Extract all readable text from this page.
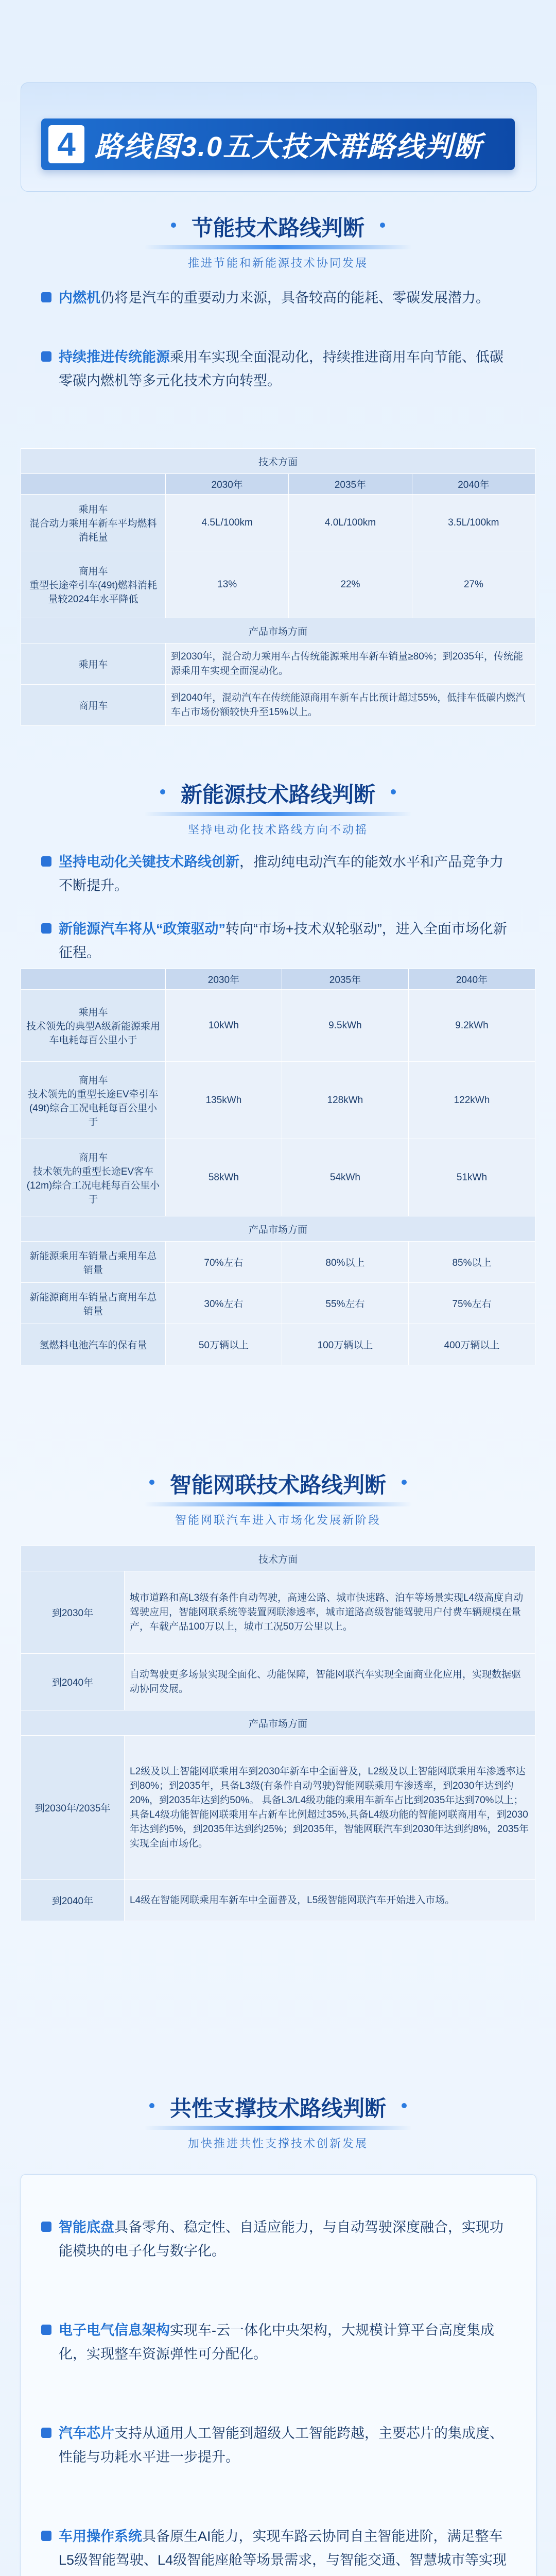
4 路线图3.0五大技术群路线判断
节能技术路线判断
推进节能和新能源技术协同发展
内燃机仍将是汽车的重要动力来源，具备较高的能耗、零碳发展潜力。
持续推进传统能源乘用车实现全面混动化，持续推进商用车向节能、低碳零碳内燃机等多元化技术方向转型。
技术方面			
	2030年	2035年	2040年
乘用车
混合动力乘用车新车平均燃料消耗量	4.5L/100km	4.0L/100km	3.5L/100km
商用车
重型长途牵引车(49t)燃料消耗量较2024年水平降低	13%	22%	27%
产品市场方面			
乘用车	到2030年，混合动力乘用车占传统能源乘用车新车销量≥80%；到2035年，传统能源乘用车实现全面混动化。		
商用车	到2040年，混动汽车在传统能源商用车新车占比预计超过55%，低排车低碳内燃汽车占市场份额较快升至15%以上。		
新能源技术路线判断
坚持电动化技术路线方向不动摇
坚持电动化关键技术路线创新，推动纯电动汽车的能效水平和产品竞争力不断提升。
新能源汽车将从“政策驱动”转向“市场+技术双轮驱动”，进入全面市场化新征程。
	2030年	2035年	2040年
乘用车
技术领先的典型A级新能源乘用车电耗每百公里小于	10kWh	9.5kWh	9.2kWh
商用车
技术领先的重型长途EV牵引车(49t)综合工况电耗每百公里小于	135kWh	128kWh	122kWh
商用车
技术领先的重型长途EV客车(12m)综合工况电耗每百公里小于	58kWh	54kWh	51kWh
产品市场方面			
新能源乘用车销量占乘用车总销量	70%左右	80%以上	85%以上
新能源商用车销量占商用车总销量	30%左右	55%左右	75%左右
氢燃料电池汽车的保有量	50万辆以上	100万辆以上	400万辆以上
智能网联技术路线判断
智能网联汽车进入市场化发展新阶段
技术方面	
到2030年	城市道路和高L3级有条件自动驾驶，高速公路、城市快速路、泊车等场景实现L4级高度自动驾驶应用，智能网联系统等装置网联渗透率，城市道路高级智能驾驶用户付费车辆规模在量产，车载产品100万以上，城市工况50万公里以上。
到2040年	自动驾驶更多场景实现全面化、功能保障，智能网联汽车实现全面商业化应用，实现数据驱动协同发展。
产品市场方面	
到2030年/2035年	L2级及以上智能网联乘用车到2030年新车中全面普及，L2级及以上智能网联乘用车渗透率达到80%；到2035年，具备L3级(有条件自动驾驶)智能网联乘用车渗透率，到2030年达到约20%，到2035年达到约50%。 具备L3/L4级功能的乘用车新车占比到2035年达到70%以上；具备L4级功能智能网联乘用车占新车比例超过35%,具备L4级功能的智能网联商用车，到2030年达到约5%，到2035年达到约25%；到2035年，智能网联汽车到2030年达到约8%，2035年实现全面市场化。
到2040年	L4级在智能网联乘用车新车中全面普及，L5级智能网联汽车开始进入市场。
共性支撑技术路线判断
加快推进共性支撑技术创新发展
智能底盘具备零角、稳定性、自适应能力，与自动驾驶深度融合，实现功能模块的电子化与数字化。
电子电气信息架构实现车-云一体化中央架构，大规模计算平台高度集成化，实现整车资源弹性可分配化。
汽车芯片支持从通用人工智能到超级人工智能跨越，主要芯片的集成度、性能与功耗水平进一步提升。
车用操作系统具备原生AI能力，实现车路云协同自主智能进阶，满足整车L5级智能驾驶、L4级智能座舱等场景需求，与智能交通、智慧城市等实现
